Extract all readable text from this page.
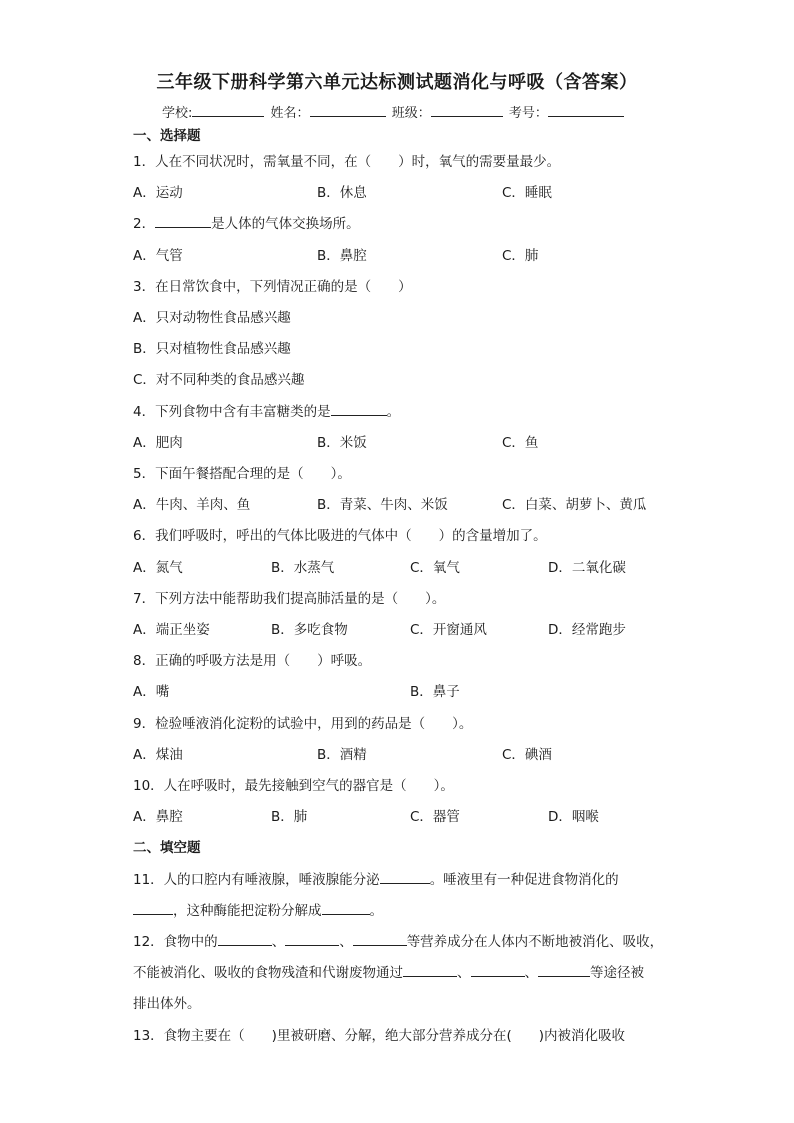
三年级下册科学第六单元达标测试题消化与呼吸（含答案）
学校:	姓名：	班级：	考号：
一、选择题
1．人在不同状况时，需氧量不同，在（　　）时，氧气的需要量最少。
A．运动	B．休息	C．睡眠
2．	是人体的气体交换场所。
A．气管	B．鼻腔	C．肺
3．在日常饮食中，下列情况正确的是（　　）
A．只对动物性食品感兴趣
B．只对植物性食品感兴趣
C．对不同种类的食品感兴趣
4．下列食物中含有丰富糖类的是	。
A．肥肉	B．米饭	C．鱼
5．下面午餐搭配合理的是（　　）。
A．牛肉、羊肉、鱼	B．青菜、牛肉、米饭	C．白菜、胡萝卜、黄瓜
6．我们呼吸时，呼出的气体比吸进的气体中（　　）的含量增加了。
A．氮气	B．水蒸气	C．氧气	D．二氧化碳
7．下列方法中能帮助我们提高肺活量的是（　　）。
A．端正坐姿	B．多吃食物	C．开窗通风	D．经常跑步
8．正确的呼吸方法是用（　　）呼吸。
A．嘴	B．鼻子
9．检验唾液消化淀粉的试验中，用到的药品是（　　）。
A．煤油	B．酒精	C．碘酒
10．人在呼吸时，最先接触到空气的器官是（　　）。
A．鼻腔	B．肺	C．器管	D．咽喉
二、填空题
11．人的口腔内有唾液腺，唾液腺能分泌	。唾液里有一种促进食物消化的
，这种酶能把淀粉分解成	。
12．食物中的	、	、	等营养成分在人体内不断地被消化、吸收，
不能被消化、吸收的食物残渣和代谢废物通过	、	、	等途径被
排出体外。
13．食物主要在（　　)里被研磨、分解，绝大部分营养成分在(　　)内被消化吸收
